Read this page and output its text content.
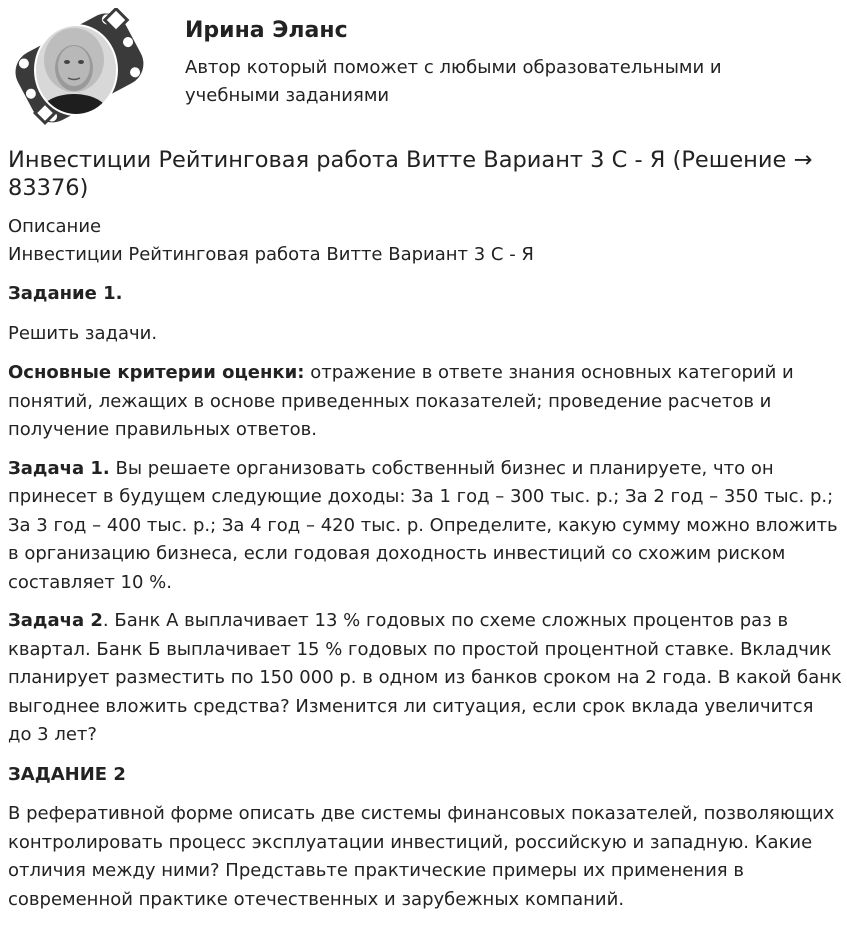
Ирина Эланс
Автор который поможет с любыми образовательными и учебными заданиями
Инвестиции Рейтинговая работа Витте Вариант 3 С - Я (Решение → 83376)
Описание
Инвестиции Рейтинговая работа Витте Вариант 3 С - Я

Задание 1.

Решить задачи.

Основные критерии оценки: отражение в ответе знания основных категорий и понятий, лежащих в основе приведенных показателей; проведение расчетов и получение правильных ответов.

Задача 1. Вы решаете организовать собственный бизнес и планируете, что он принесет в будущем следующие доходы: За 1 год – 300 тыс. р.; За 2 год – 350 тыс. р.; За 3 год – 400 тыс. р.; За 4 год – 420 тыс. р. Определите, какую сумму можно вложить в организацию бизнеса, если годовая доходность инвестиций со схожим риском составляет 10 %.

Задача 2. Банк А выплачивает 13 % годовых по схеме сложных процентов раз в квартал. Банк Б выплачивает 15 % годовых по простой процентной ставке. Вкладчик планирует разместить по 150 000 р. в одном из банков сроком на 2 года. В какой банк выгоднее вложить средства? Изменится ли ситуация, если срок вклада увеличится до 3 лет?

ЗАДАНИЕ 2

В реферативной форме описать две системы финансовых показателей, позволяющих контролировать процесс эксплуатации инвестиций, российскую и западную. Какие отличия между ними? Представьте практические примеры их применения в современной практике отечественных и зарубежных компаний.
